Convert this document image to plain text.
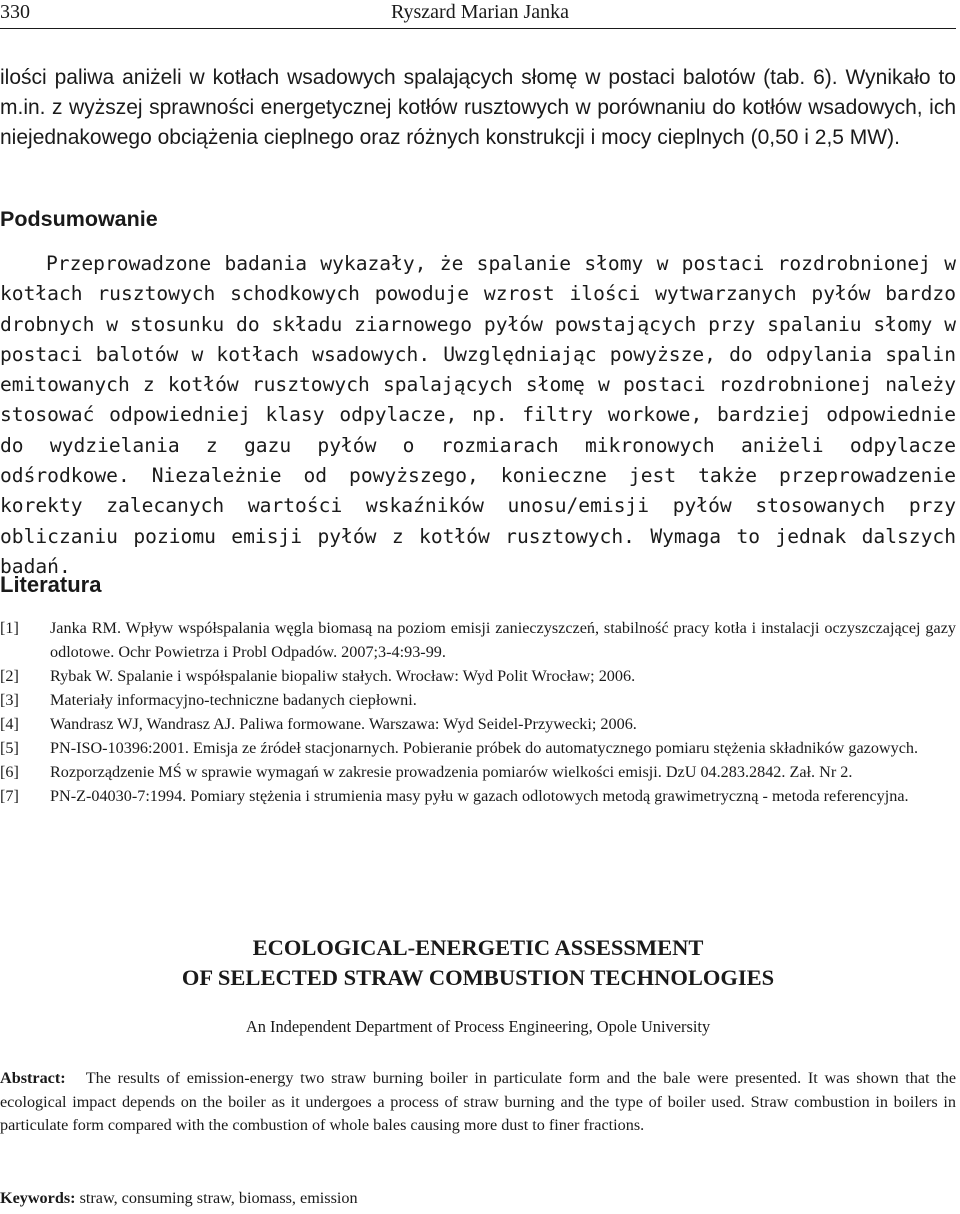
330	Ryszard Marian Janka

ilości paliwa aniżeli w kotłach wsadowych spalających słomę w postaci balotów (tab. 6). Wynikało to m.in. z wyższej sprawności energetycznej kotłów rusztowych w porównaniu do kotłów wsadowych, ich niejednakowego obciążenia cieplnego oraz różnych konstrukcji i mocy cieplnych (0,50 i 2,5 MW).

Podsumowanie

Przeprowadzone badania wykazały, że spalanie słomy w postaci rozdrobnionej w kotłach rusztowych schodkowych powoduje wzrost ilości wytwarzanych pyłów bardzo drobnych w stosunku do składu ziarnowego pyłów powstających przy spalaniu słomy w postaci balotów w kotłach wsadowych. Uwzględniając powyższe, do odpylania spalin emitowanych z kotłów rusztowych spalających słomę w postaci rozdrobnionej należy stosować odpowiedniej klasy odpylacze, np. filtry workowe, bardziej odpowiednie do wydzielania z gazu pyłów o rozmiarach mikronowych aniżeli odpylacze odśrodkowe. Niezależnie od powyższego, konieczne jest także przeprowadzenie korekty zalecanych wartości wskaźników unosu/emisji pyłów stosowanych przy obliczaniu poziomu emisji pyłów z kotłów rusztowych. Wymaga to jednak dalszych badań.

Literatura
[1]	Janka RM. Wpływ współspalania węgla biomasą na poziom emisji zanieczyszczeń, stabilność pracy kotła i instalacji oczyszczającej gazy odlotowe. Ochr Powietrza i Probl Odpadów. 2007;3-4:93-99.
[2]	Rybak W. Spalanie i współspalanie biopaliw stałych. Wrocław: Wyd Polit Wrocław; 2006.
[3]	Materiały informacyjno-techniczne badanych ciepłowni.
[4]	Wandrasz WJ, Wandrasz AJ. Paliwa formowane. Warszawa: Wyd Seidel-Przywecki; 2006.
[5]	PN-ISO-10396:2001. Emisja ze źródeł stacjonarnych. Pobieranie próbek do automatycznego pomiaru stężenia składników gazowych.
[6]	Rozporządzenie MŚ w sprawie wymagań w zakresie prowadzenia pomiarów wielkości emisji. DzU 04.283.2842. Zał. Nr 2.
[7]	PN-Z-04030-7:1994. Pomiary stężenia i strumienia masy pyłu w gazach odlotowych metodą grawimetryczną - metoda referencyjna.
ECOLOGICAL-ENERGETIC ASSESSMENT
OF SELECTED STRAW COMBUSTION TECHNOLOGIES
An Independent Department of Process Engineering, Opole University

Abstract: The results of emission-energy two straw burning boiler in particulate form and the bale were presented. It was shown that the ecological impact depends on the boiler as it undergoes a process of straw burning and the type of boiler used. Straw combustion in boilers in particulate form compared with the combustion of whole bales causing more dust to finer fractions.

Keywords: straw, consuming straw, biomass, emission
